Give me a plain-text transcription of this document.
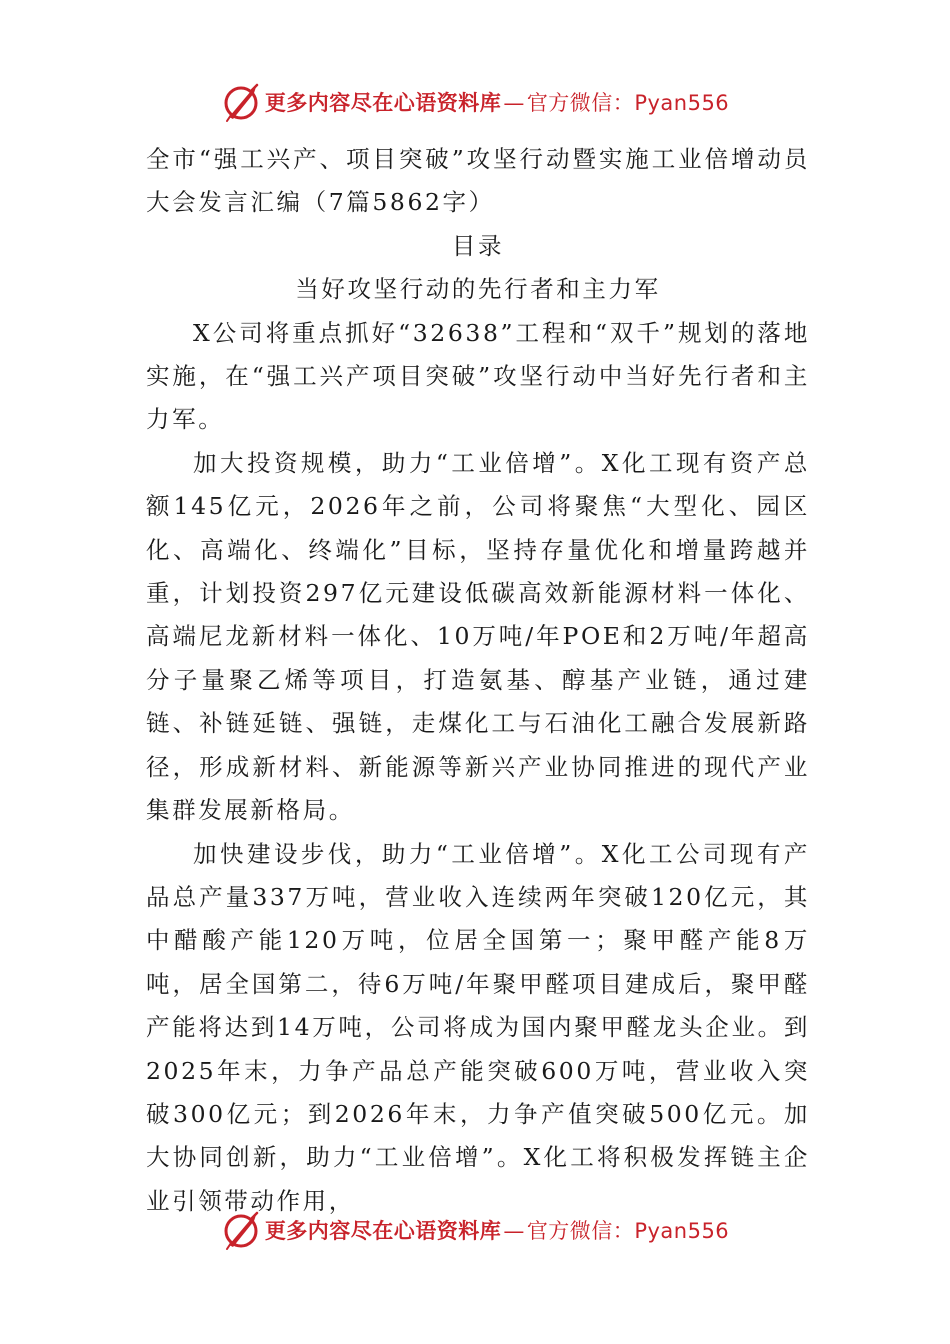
更多内容尽在心语资料库—官方微信：Pyan556

全市“强工兴产、项目突破”攻坚行动暨实施工业倍增动员大会发言汇编（7篇5862字）

目录

当好攻坚行动的先行者和主力军

X公司将重点抓好“32638”工程和“双千”规划的落地实施，在“强工兴产项目突破”攻坚行动中当好先行者和主力军。

加大投资规模，助力“工业倍增”。X化工现有资产总额145亿元，2026年之前，公司将聚焦“大型化、园区化、高端化、终端化”目标，坚持存量优化和增量跨越并重，计划投资297亿元建设低碳高效新能源材料一体化、高端尼龙新材料一体化、10万吨/年POE和2万吨/年超高分子量聚乙烯等项目，打造氨基、醇基产业链，通过建链、补链延链、强链，走煤化工与石油化工融合发展新路径，形成新材料、新能源等新兴产业协同推进的现代产业集群发展新格局。

加快建设步伐，助力“工业倍增”。X化工公司现有产品总产量337万吨，营业收入连续两年突破120亿元，其中醋酸产能120万吨，位居全国第一；聚甲醛产能8万吨，居全国第二，待6万吨/年聚甲醛项目建成后，聚甲醛产能将达到14万吨，公司将成为国内聚甲醛龙头企业。到2025年末，力争产品总产能突破600万吨，营业收入突破300亿元；到2026年末，力争产值突破500亿元。加大协同创新，助力“工业倍增”。X化工将积极发挥链主企业引领带动作用，

更多内容尽在心语资料库—官方微信：Pyan556
